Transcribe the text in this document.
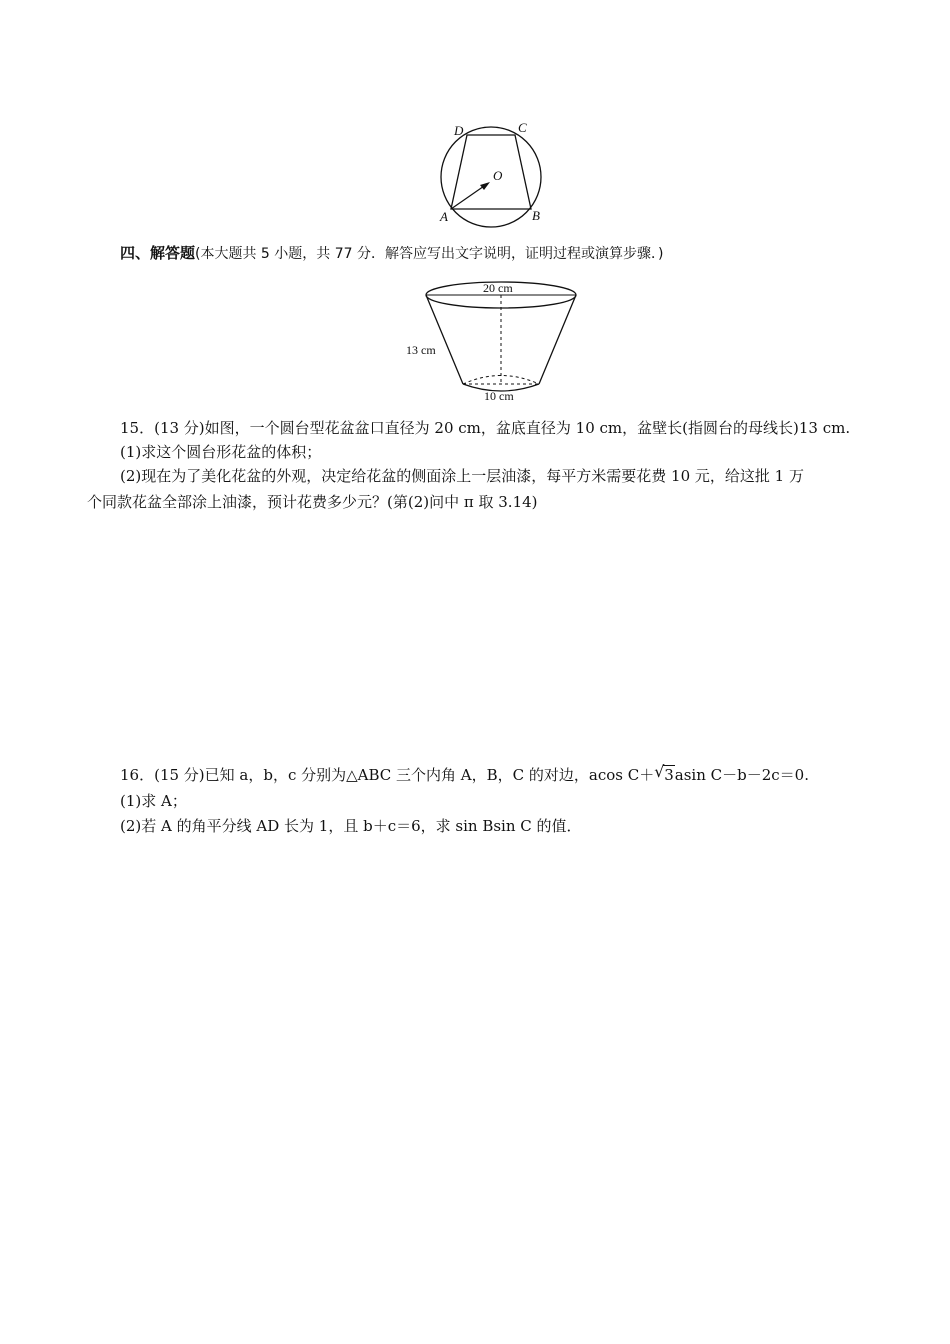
D	C
O
A	B
四、解答题(本大题共 5 小题，共 77 分．解答应写出文字说明，证明过程或演算步骤．)
20 cm
13 cm
10 cm
15．(13 分)如图，一个圆台型花盆盆口直径为 20 cm，盆底直径为 10 cm，盆壁长(指圆台的母线长)13 cm.
(1)求这个圆台形花盆的体积；
(2)现在为了美化花盆的外观，决定给花盆的侧面涂上一层油漆，每平方米需要花费 10 元，给这批 1 万
个同款花盆全部涂上油漆，预计花费多少元？(第(2)问中 π 取 3.14)
16．(15 分)已知 a，b，c 分别为△ABC 三个内角 A，B，C 的对边，acos C＋ √ 3asin C－b－2c＝0.
(1)求 A；
(2)若 A 的角平分线 AD 长为 1，且 b＋c＝6，求 sin Bsin C 的值．
